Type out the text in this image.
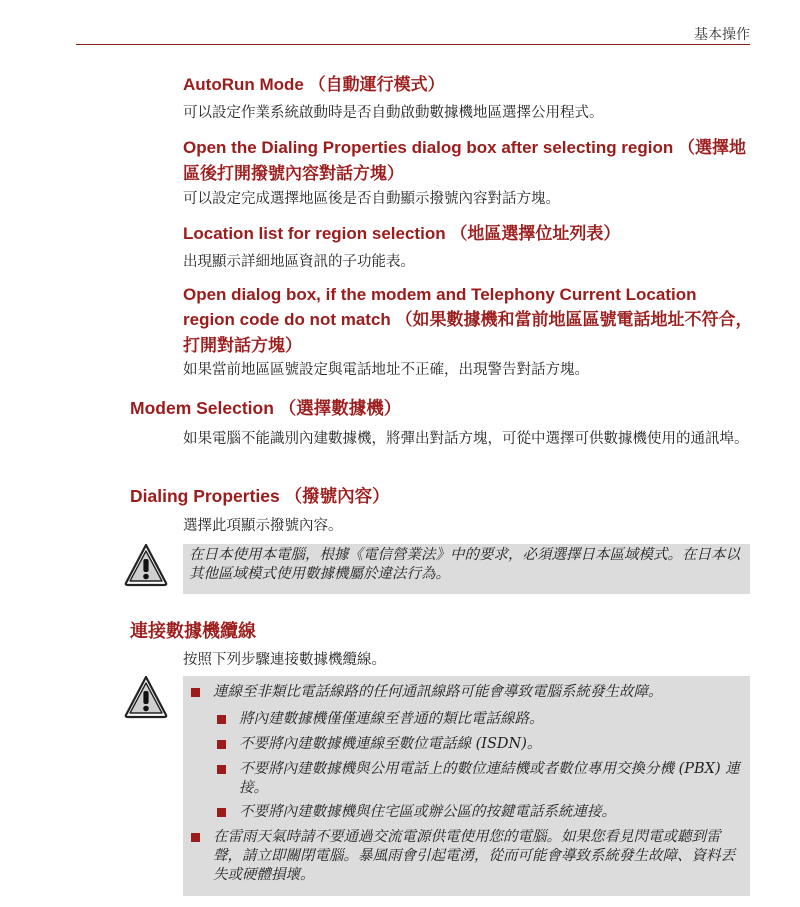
基本操作
AutoRun Mode （自動運行模式）

可以設定作業系統啟動時是否自動啟動數據機地區選擇公用程式。

Open the Dialing Properties dialog box after selecting region （選擇地區後打開撥號內容對話方塊）

可以設定完成選擇地區後是否自動顯示撥號內容對話方塊。

Location list for region selection （地區選擇位址列表）

出現顯示詳細地區資訊的子功能表。

Open dialog box, if the modem and Telephony Current Location region code do not match （如果數據機和當前地區區號電話地址不符合，打開對話方塊）

如果當前地區區號設定與電話地址不正確，出現警告對話方塊。

Modem Selection （選擇數據機）

如果電腦不能識別內建數據機，將彈出對話方塊，可從中選擇可供數據機使用的通訊埠。

Dialing Properties （撥號內容）

選擇此項顯示撥號內容。

在日本使用本電腦，根據《電信營業法》中的要求，必須選擇日本區域模式。在日本以其他區域模式使用數據機屬於違法行為。
連接數據機纜線

按照下列步驟連接數據機纜線。

連線至非類比電話線路的任何通訊線路可能會導致電腦系統發生故障。
將內建數據機僅僅連線至普通的類比電話線路。
不要將內建數據機連線至數位電話線 (ISDN)。
不要將內建數據機與公用電話上的數位連結機或者數位專用交換分機 (PBX) 連接。
不要將內建數據機與住宅區或辦公區的按鍵電話系統連接。
在雷雨天氣時請不要通過交流電源供電使用您的電腦。如果您看見閃電或聽到雷聲，請立即關閉電腦。暴風雨會引起電湧，從而可能會導致系統發生故障、資料丟失或硬體損壞。
